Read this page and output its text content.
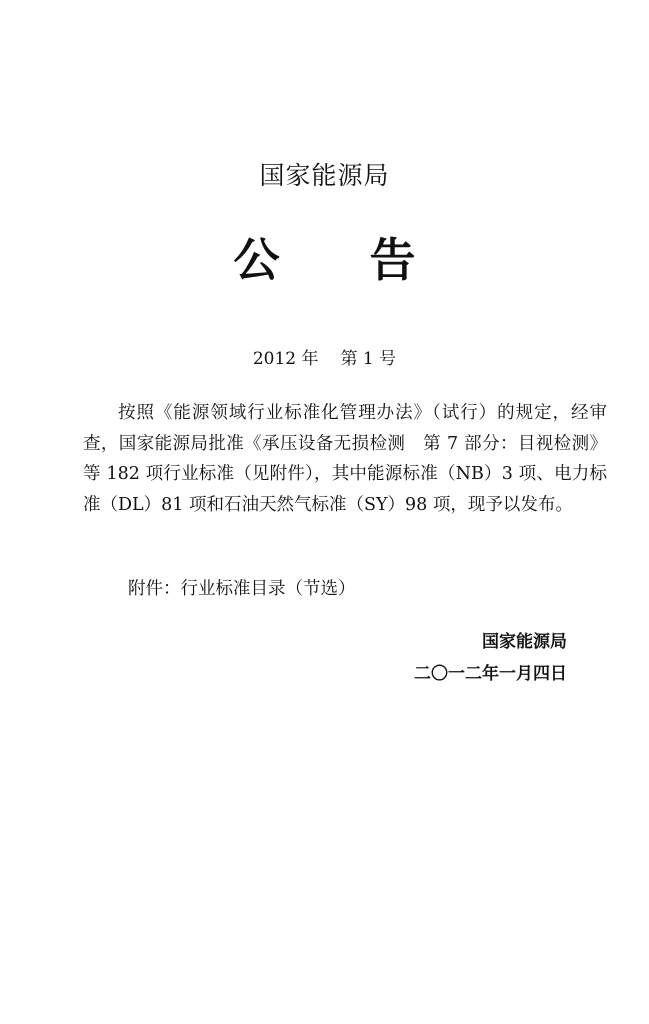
国家能源局
公 告
2012 年 第 1 号

按照《能源领域行业标准化管理办法》（试行）的规定，经审查，国家能源局批准《承压设备无损检测　第 7 部分：目视检测》等 182 项行业标准（见附件），其中能源标准（NB）3 项、电力标准（DL）81 项和石油天然气标准（SY）98 项，现予以发布。

附件：行业标准目录（节选）
国家能源局
二〇一二年一月四日
